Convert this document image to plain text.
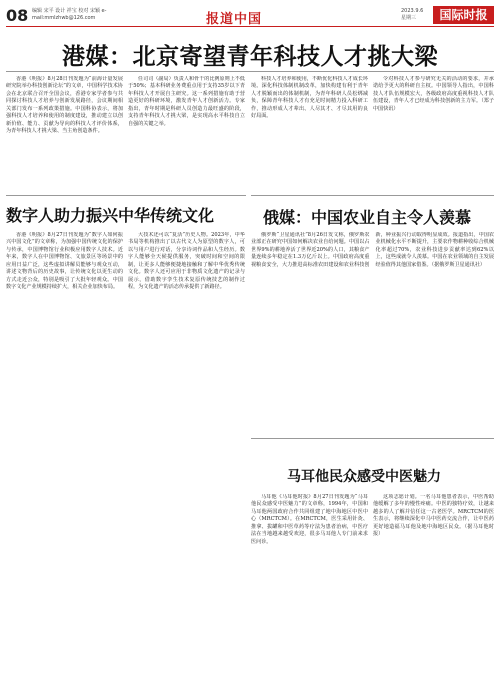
08 编辑 宋平 设计 祥宝 校对 宋颖 e-mail:mmlzhwb@126.com	报道中国
2023.9.6
星期三	国际时报
港媒：北京寄望青年科技人才挑大梁

香港《明报》8月28日刊发题为“前海计量发展研究院举办科技创新论坛”的文章，中国科学技术协会在北京联合召开全国会议，香港专家学者参与共同探讨科技人才培养与创新发展路径，会议期间相关部门发布一系列政策措施。中国科协表示，将加强科技人才培养和使用的制度建设，推动建立以创新价值、能力、贡献为导向的科技人才评价体系，为青年科技人才挑大梁、当主角创造条件。

任司司（副局）负责人和骨干的比例原则上不低于50%；基本科研业务费重点用于支持35岁以下青年科技人才开展自主研究。这一系列措施有助于营造更好的科研环境，激发青年人才创新活力。专家指出，青年时期是科研人员创造力最旺盛的阶段，支持青年科技人才挑大梁，是实现高水平科技自立自强的关键之举。

科技人才培养和使用，不断优化科技人才成长环境。深化科技体制机制改革，加快构建有利于青年人才脱颖而出的体制机制，为青年科研人员松绑减负，保障青年科技人才有充足时间精力投入科研工作，推动形成人才辈出、人尽其才、才尽其用的良好局面。

令对科技人才参与研究无关的活动的要求，并承诺给予更大的科研自主权。中国领导人指出，中国科技人才队伍规模宏大，各级政府高度重视科技人才队伍建设，青年人才已经成为科技创新的主力军。（郑子 中国快讯）

数字人助力振兴中华传统文化

香港《明报》8月27日刊发题为“数字人如何振兴中国文化”的文章称，为加强中国传统文化的保护与传承，中国博物馆行业积极应用数字人技术。近年来，数字人在中国博物馆、文旅景区等场景中的应用日益广泛，这些虚拟讲解员能够与观众互动，讲述文物背后的历史故事，让传统文化以更生动的方式走近公众，特别是吸引了大批年轻观众。中国数字文化产业规模持续扩大，相关企业加快布局。

大技术还可以“复活”历史人物。2023年，中华书局等机构推出了以古代文人为原型的数字人，可以与用户进行对话，分享诗词作品和人生经历。数字人能够全天候提供服务，突破时间和空间的限制，让更多人能够便捷地接触和了解中华优秀传统文化。数字人还可应用于非物质文化遗产的记录与展示，借助数字孪生技术复原传统技艺的制作过程，为文化遗产的活态传承提供了新路径。

俄媒：中国农业自主令人羡慕

俄罗斯“卫星通讯社”8月26日发文称，俄罗斯农业部正在研究中国如何解决农业自给问题。中国以占世界9%的耕地养活了世界近20%的人口，其粮食产量连续多年稳定在1.3万亿斤以上。中国政府高度重视粮食安全，大力推进高标准农田建设和农业科技创新，种业振兴行动取得明显成效。报道指出，中国农业机械化水平不断提升，主要农作物耕种收综合机械化率超过70%，农业科技进步贡献率达到62%以上，这些成就令人羡慕。中国在农业领域的自主发展经验值得其他国家借鉴。（据俄罗斯卫星通讯社）

马耳他民众感受中医魅力

马耳他《马耳他时报》8月27日刊发题为“马耳他民众感受中医魅力”的文章称，1994年，中国和马耳他两国政府合作共同组建了地中海地区中医中心（MRCTCM）。在MRCTCM，医生采用针灸、推拿、拔罐和中医草药等疗法为患者治病，中医疗法在当地越来越受欢迎，很多马耳他人专门前来求医问诊。

这项志愿计划。一名马耳他患者表示，中医帮助他缓解了多年的慢性疼痛。中医的独特疗效，让越来越多的人了解并信任这一古老医学。MRCTCM的医生表示，将继续深化中马中医药交流合作，让中医药更好地造福马耳他及地中海地区民众。（据马耳他时报）
